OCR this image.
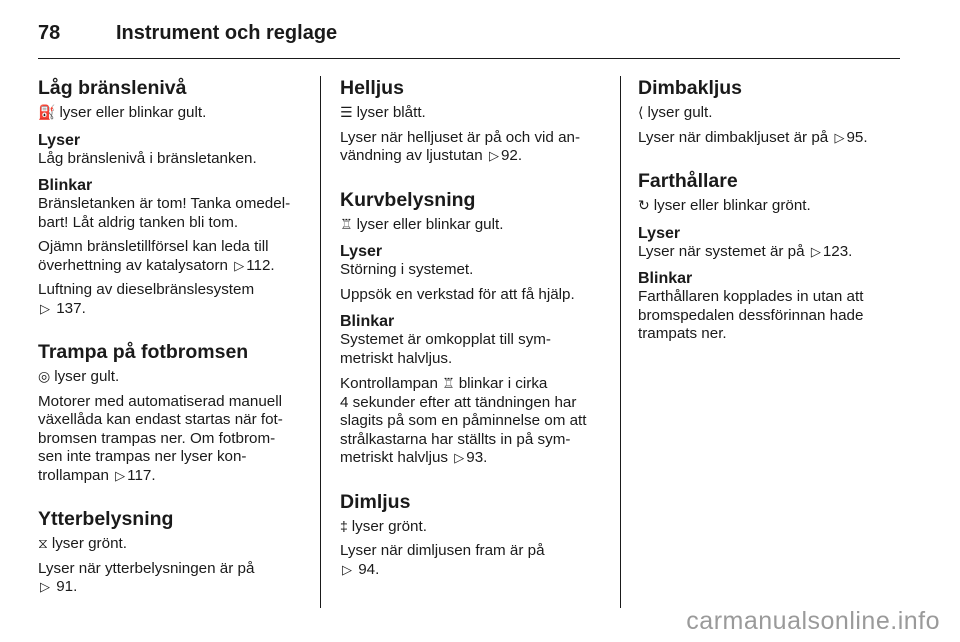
78	Instrument och reglage
Låg bränslenivå

⛽ lyser eller blinkar gult.

Lyser

Låg bränslenivå i bränsletanken.

Blinkar

Bränsletanken är tom! Tanka omedel-
bart! Låt aldrig tanken bli tom.

Ojämn bränsletillförsel kan leda till
överhettning av katalysatorn ▷ 112.

Luftning av dieselbränslesystem
▷ 137.

Trampa på fotbromsen

◎ lyser gult.

Motorer med automatiserad manuell
växellåda kan endast startas när fot-
bromsen trampas ner. Om fotbrom-
sen inte trampas ner lyser kon-
trollampan ▷ 117.

Ytterbelysning

⧖ lyser grönt.

Lyser när ytterbelysningen är på
▷ 91.

Helljus

☰ lyser blått.

Lyser när helljuset är på och vid an-
vändning av ljustutan ▷ 92.

Kurvbelysning

♖ lyser eller blinkar gult.

Lyser

Störning i systemet.

Uppsök en verkstad för att få hjälp.

Blinkar

Systemet är omkopplat till sym-
metriskt halvljus.

Kontrollampan ♖ blinkar i cirka
4 sekunder efter att tändningen har
slagits på som en påminnelse om att
strålkastarna har ställts in på sym-
metriskt halvljus ▷ 93.

Dimljus

‡ lyser grönt.

Lyser när dimljusen fram är på
▷ 94.

Dimbakljus

⟨ lyser gult.

Lyser när dimbakljuset är på ▷ 95.

Farthållare

↻ lyser eller blinkar grönt.

Lyser

Lyser när systemet är på ▷ 123.

Blinkar

Farthållaren kopplades in utan att
bromspedalen dessförinnan hade
trampats ner.

carmanualsonline.info
